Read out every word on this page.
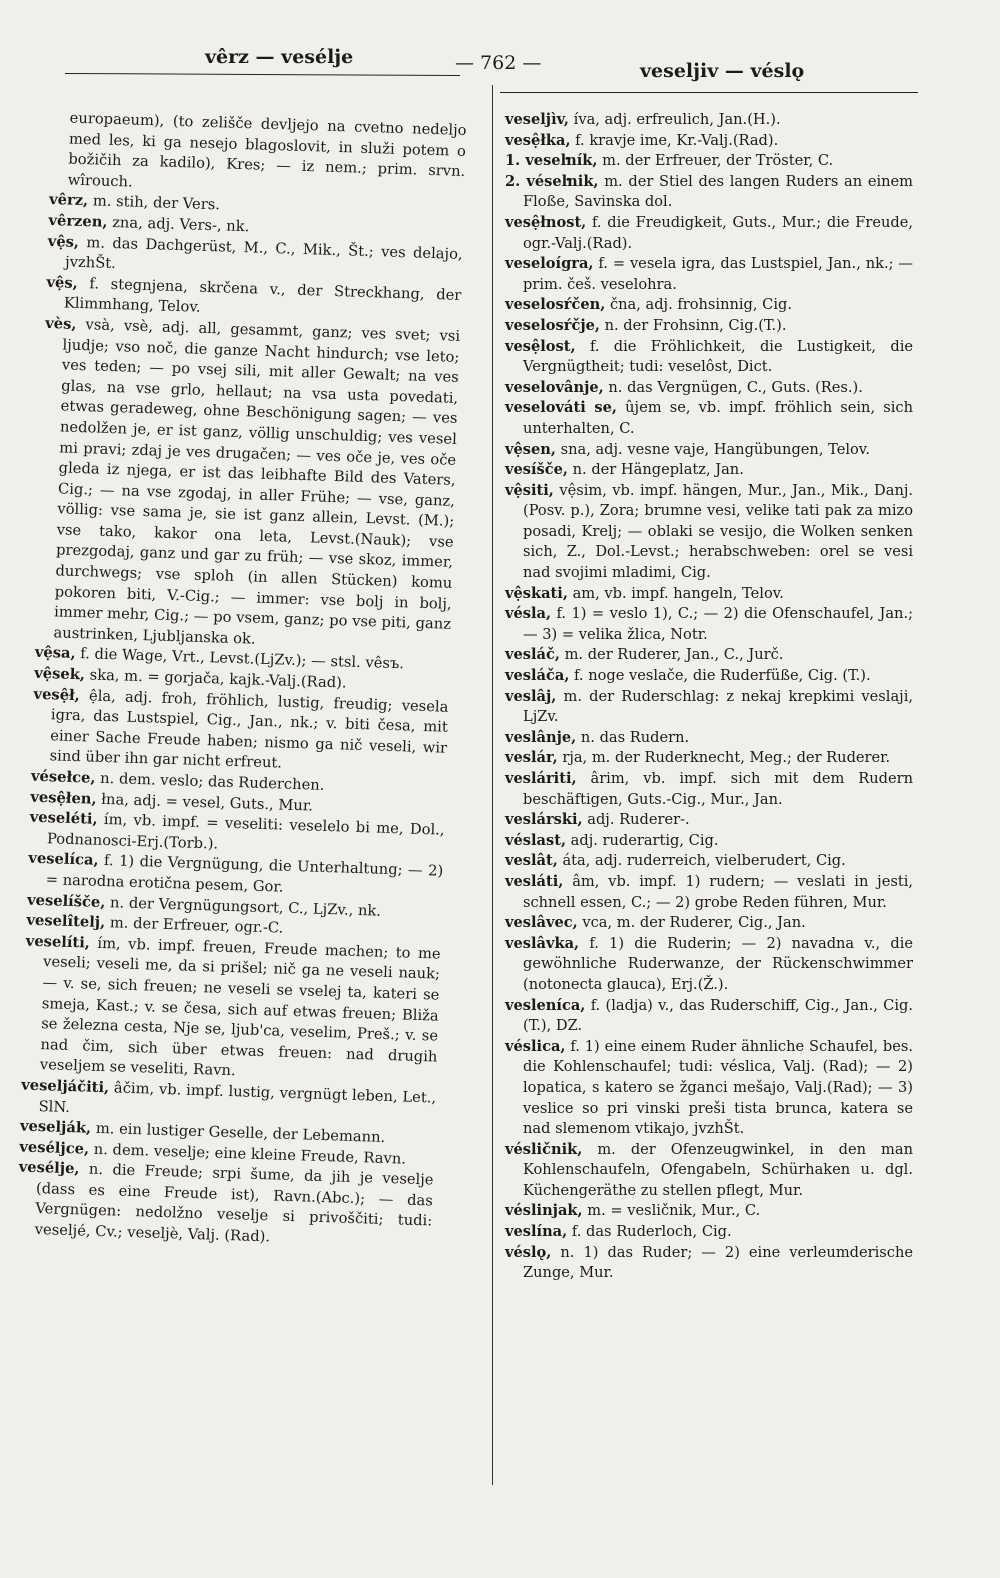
vêrz — vesélje	— 762 —	veseljiv — véslǫ

europaeum), (to zelišče devljejo na cvetno nedeljo med les, ki ga nesejo blagoslovit, in služi potem o božičih za kadilo), Kres; — iz nem.; prim. srvn. wîrouch.

vêrz, m. stih, der Vers.

vêrzen, zna, adj. Vers-, nk.

vệs, m. das Dachgerüst, M., C., Mik., Št.; ves delajo, jvzhŠt.

vệs, f. stegnjena, skrčena v., der Streckhang, der Klimmhang, Telov.

vès, vsà, vsè, adj. all, gesammt, ganz; ves svet; vsi ljudje; vso noč, die ganze Nacht hindurch; vse leto; ves teden; — po vsej sili, mit aller Gewalt; na ves glas, na vse grlo, hellaut; na vsa usta povedati, etwas geradeweg, ohne Beschönigung sagen; — ves nedolžen je, er ist ganz, völlig unschuldig; ves vesel mi pravi; zdaj je ves drugačen; — ves oče je, ves oče gleda iz njega, er ist das leibhafte Bild des Vaters, Cig.; — na vse zgodaj, in aller Frühe; — vse, ganz, völlig: vse sama je, sie ist ganz allein, Levst. (M.); vse tako, kakor ona leta, Levst.(Nauk); vse prezgodaj, ganz und gar zu früh; — vse skoz, immer, durchwegs; vse sploh (in allen Stücken) komu pokoren biti, V.-Cig.; — immer: vse bolj in bolj, immer mehr, Cig.; — po vsem, ganz; po vse piti, ganz austrinken, Ljubljanska ok.

vệsa, f. die Wage, Vrt., Levst.(LjZv.); — stsl. vêsъ.

vệsek, ska, m. = gorjača, kajk.-Valj.(Rad).

vesệł, ệla, adj. froh, fröhlich, lustig, freudig; vesela igra, das Lustspiel, Cig., Jan., nk.; v. biti česa, mit einer Sache Freude haben; nismo ga nič veseli, wir sind über ihn gar nicht erfreut.

vésełce, n. dem. veslo; das Ruderchen.

vesệłen, łna, adj. = vesel, Guts., Mur.

veseléti, ím, vb. impf. = veseliti: veselelo bi me, Dol., Podnanosci-Erj.(Torb.).

veselíca, f. 1) die Vergnügung, die Unterhaltung; — 2) = narodna erotična pesem, Gor.

veselíšče, n. der Vergnügungsort, C., LjZv., nk.

veselîtelj, m. der Erfreuer, ogr.-C.

veselíti, ím, vb. impf. freuen, Freude machen; to me veseli; veseli me, da si prišel; nič ga ne veseli nauk; — v. se, sich freuen; ne veseli se vselej ta, kateri se smeja, Kast.; v. se česa, sich auf etwas freuen; Bliža se železna cesta, Nje se, ljub'ca, veselim, Preš.; v. se nad čim, sich über etwas freuen: nad drugih veseljem se veseliti, Ravn.

veseljáčiti, âčim, vb. impf. lustig, vergnügt leben, Let., SlN.

veselják, m. ein lustiger Geselle, der Lebemann.

veséljce, n. dem. veselje; eine kleine Freude, Ravn.

vesélje, n. die Freude; srpi šume, da jih je veselje (dass es eine Freude ist), Ravn.(Abc.); — das Vergnügen: nedolžno veselje si privoščiti; tudi: veseljé, Cv.; veseljè, Valj. (Rad).

veseljìv, íva, adj. erfreulich, Jan.(H.).

vesệłka, f. kravje ime, Kr.-Valj.(Rad).

1. veseŀník, m. der Erfreuer, der Tröster, C.

2. véseŀnik, m. der Stiel des langen Ruders an einem Floße, Savinska dol.

vesệłnost, f. die Freudigkeit, Guts., Mur.; die Freude, ogr.-Valj.(Rad).

veseloígra, f. = vesela igra, das Lustspiel, Jan., nk.; — prim. češ. veselohra.

veselosŕčen, čna, adj. frohsinnig, Cig.

veselosŕčje, n. der Frohsinn, Cig.(T.).

vesệlost, f. die Fröhlichkeit, die Lustigkeit, die Vergnügtheit; tudi: veselôst, Dict.

veselovânje, n. das Vergnügen, C., Guts. (Res.).

veselováti se, ûjem se, vb. impf. fröhlich sein, sich unterhalten, C.

vệsen, sna, adj. vesne vaje, Hangübungen, Telov.

vesíšče, n. der Hängeplatz, Jan.

vệsiti, vệsim, vb. impf. hängen, Mur., Jan., Mik., Danj.(Posv. p.), Zora; brumne vesi, velike tati pak za mizo posadi, Krelj; — oblaki se vesijo, die Wolken senken sich, Z., Dol.-Levst.; herabschweben: orel se vesi nad svojimi mladimi, Cig.

vệskati, am, vb. impf. hangeln, Telov.

vésla, f. 1) = veslo 1), C.; — 2) die Ofenschaufel, Jan.; — 3) = velika žlica, Notr.

vesláč, m. der Ruderer, Jan., C., Jurč.

vesláča, f. noge veslače, die Ruderfüße, Cig. (T.).

veslâj, m. der Ruderschlag: z nekaj krepkimi veslaji, LjZv.

veslânje, n. das Rudern.

veslár, rja, m. der Ruderknecht, Meg.; der Ruderer.

vesláriti, ârim, vb. impf. sich mit dem Rudern beschäftigen, Guts.-Cig., Mur., Jan.

veslárski, adj. Ruderer-.

véslast, adj. ruderartig, Cig.

veslât, áta, adj. ruderreich, vielberudert, Cig.

vesláti, âm, vb. impf. 1) rudern; — veslati in jesti, schnell essen, C.; — 2) grobe Reden führen, Mur.

veslâvec, vca, m. der Ruderer, Cig., Jan.

veslâvka, f. 1) die Ruderin; — 2) navadna v., die gewöhnliche Ruderwanze, der Rückenschwimmer (notonecta glauca), Erj.(Ž.).

vesleníca, f. (ladja) v., das Ruderschiff, Cig., Jan., Cig.(T.), DZ.

véslica, f. 1) eine einem Ruder ähnliche Schaufel, bes. die Kohlenschaufel; tudi: véslica, Valj. (Rad); — 2) lopatica, s katero se žganci mešajo, Valj.(Rad); — 3) veslice so pri vinski preši tista brunca, katera se nad slemenom vtikajo, jvzhŠt.

vésličnik, m. der Ofenzeugwinkel, in den man Kohlenschaufeln, Ofengabeln, Schürhaken u. dgl. Küchengeräthe zu stellen pflegt, Mur.

véslinjak, m. = vesličnik, Mur., C.

veslína, f. das Ruderloch, Cig.

véslǫ, n. 1) das Ruder; — 2) eine verleumderische Zunge, Mur.
